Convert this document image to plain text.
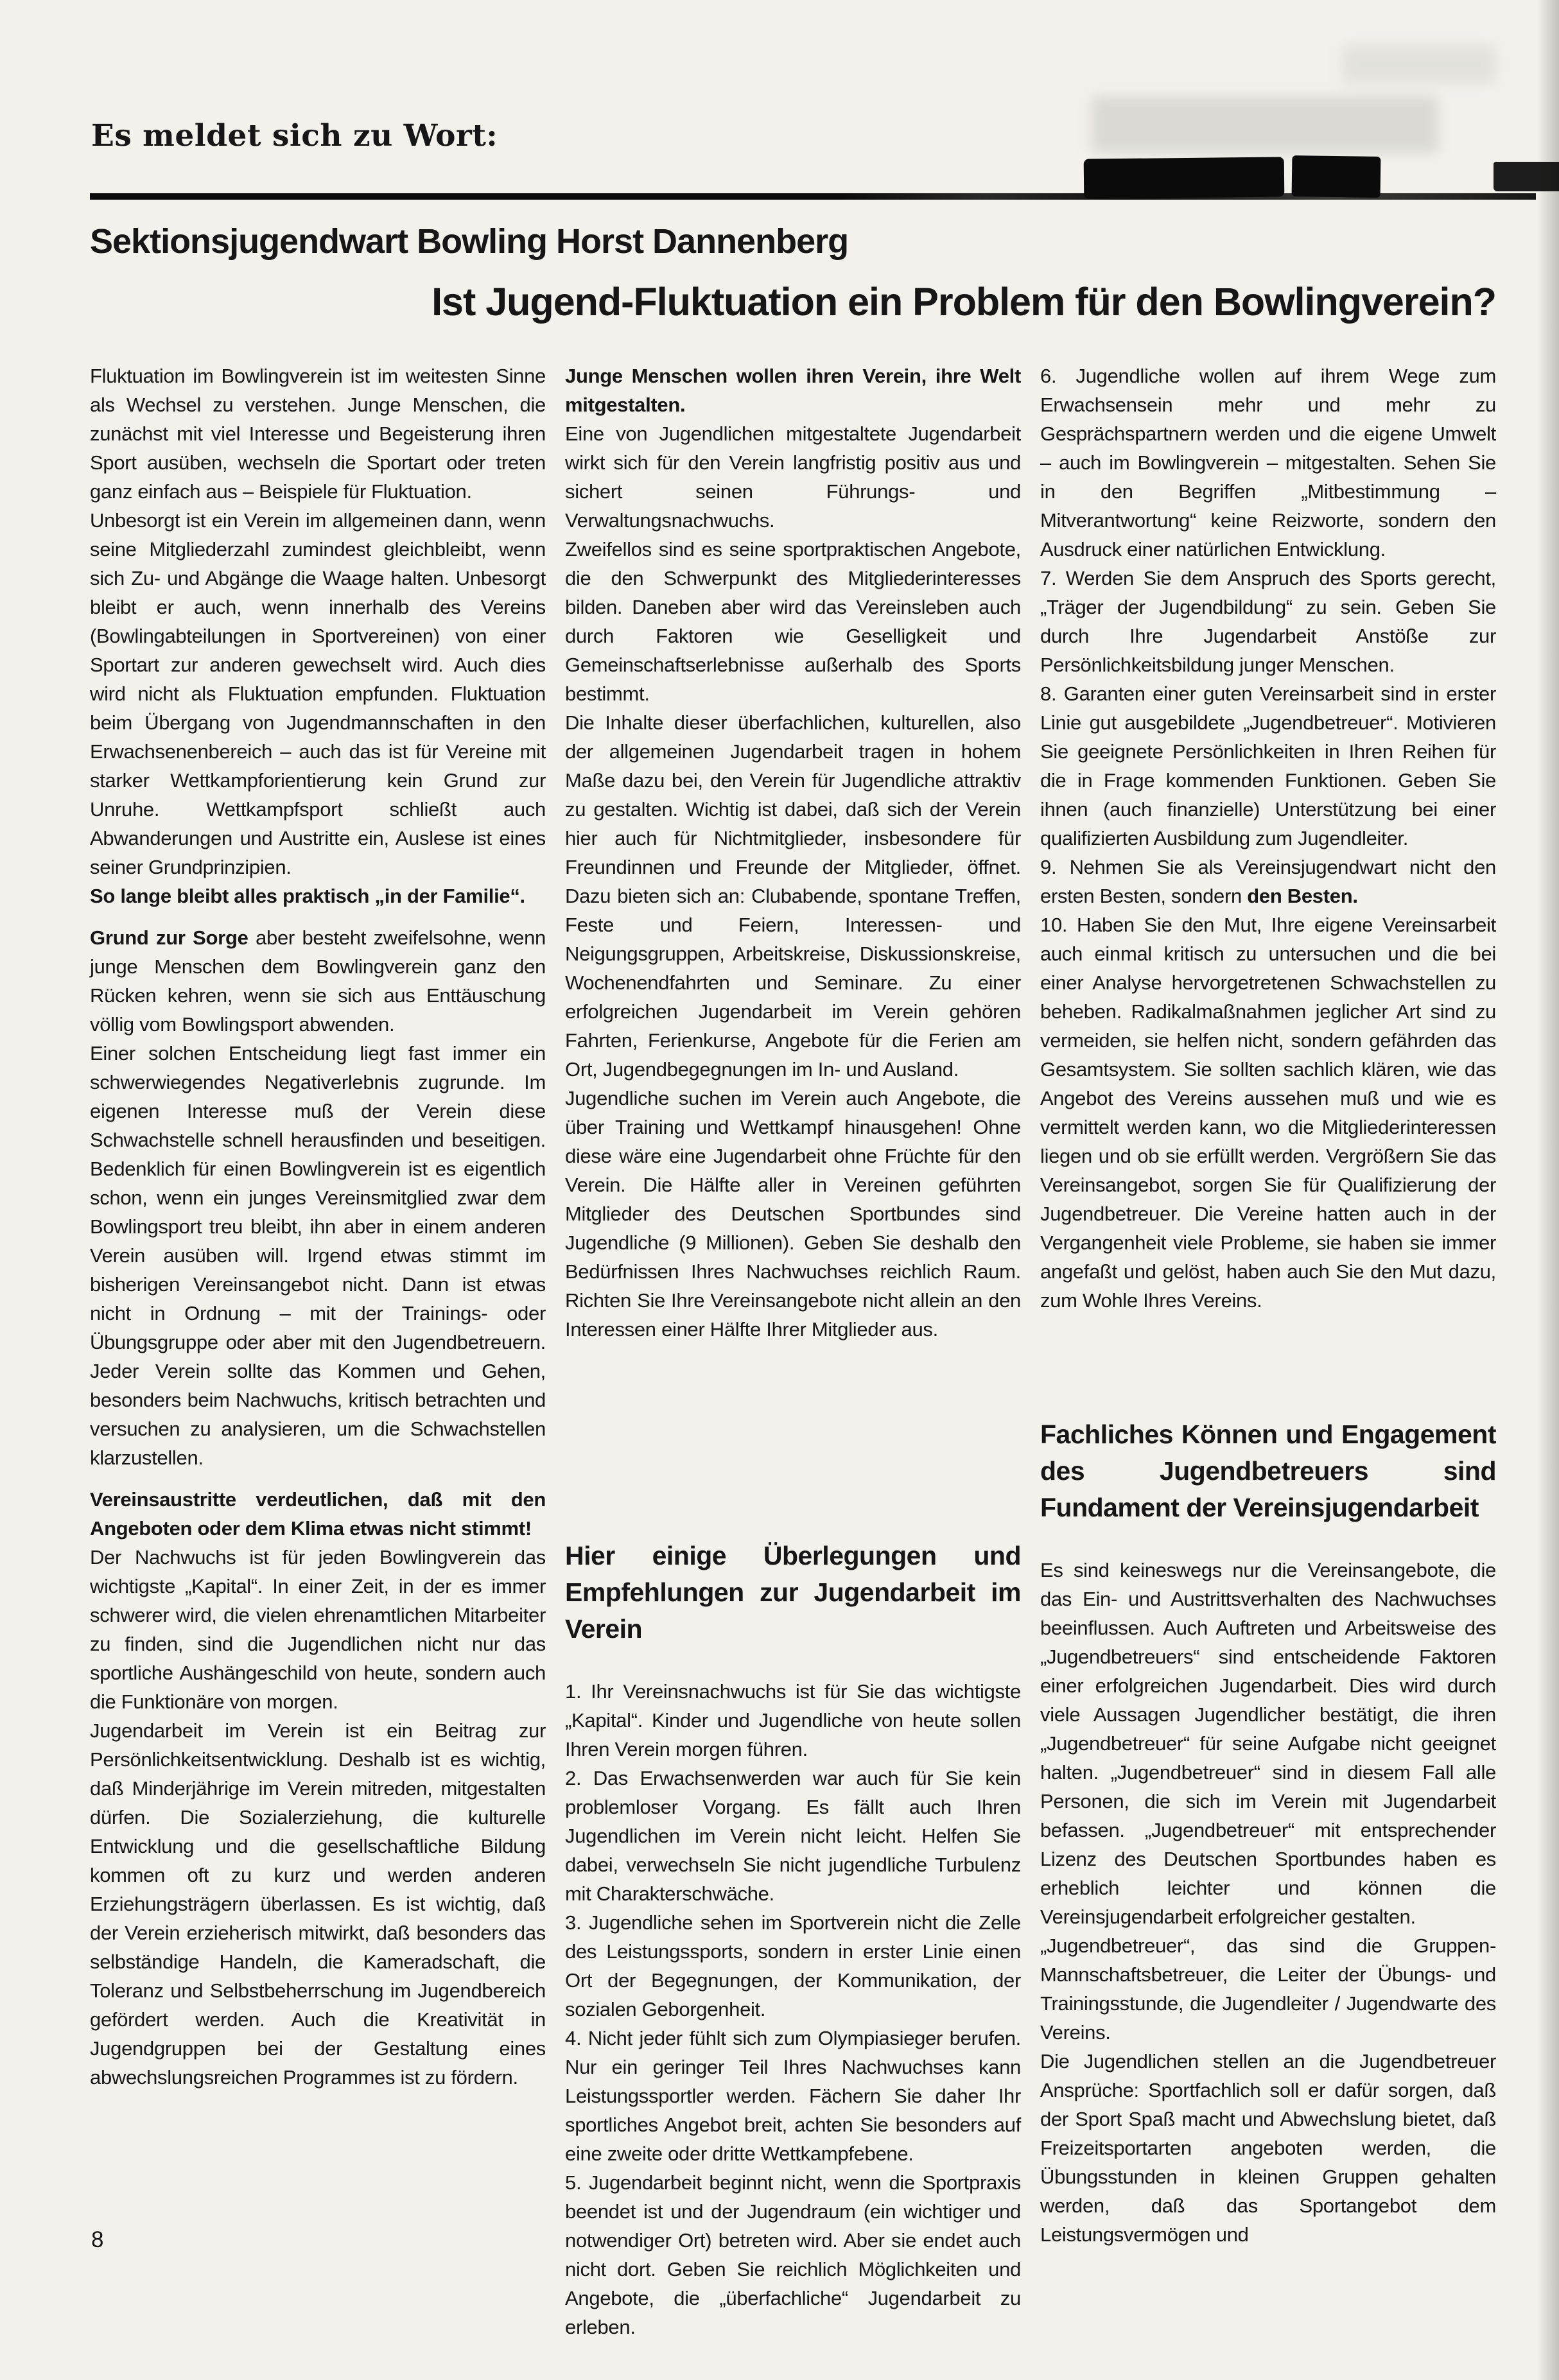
Es meldet sich zu Wort:
Sektionsjugendwart Bowling Horst Dannenberg
Ist Jugend-Fluktuation ein Problem für den Bowlingverein?

Fluktuation im Bowlingverein ist im weitesten Sinne als Wechsel zu verstehen. Junge Menschen, die zunächst mit viel Interesse und Begeisterung ihren Sport ausüben, wechseln die Sportart oder treten ganz einfach aus – Beispiele für Fluktuation.

Unbesorgt ist ein Verein im allgemeinen dann, wenn seine Mitgliederzahl zumindest gleichbleibt, wenn sich Zu- und Abgänge die Waage halten. Unbesorgt bleibt er auch, wenn innerhalb des Vereins (Bowlingabteilungen in Sportvereinen) von einer Sportart zur anderen gewechselt wird. Auch dies wird nicht als Fluktuation empfunden. Fluktuation beim Übergang von Jugendmannschaften in den Erwachsenenbereich – auch das ist für Vereine mit starker Wettkampforientierung kein Grund zur Unruhe. Wettkampfsport schließt auch Abwanderungen und Austritte ein, Auslese ist eines seiner Grundprinzipien.

So lange bleibt alles praktisch „in der Familie“.

Grund zur Sorge aber besteht zweifelsohne, wenn junge Menschen dem Bowlingverein ganz den Rücken kehren, wenn sie sich aus Enttäuschung völlig vom Bowlingsport abwenden.

Einer solchen Entscheidung liegt fast immer ein schwerwiegendes Negativerlebnis zugrunde. Im eigenen Interesse muß der Verein diese Schwachstelle schnell herausfinden und beseitigen. Bedenklich für einen Bowlingverein ist es eigentlich schon, wenn ein junges Vereinsmitglied zwar dem Bowlingsport treu bleibt, ihn aber in einem anderen Verein ausüben will. Irgend etwas stimmt im bisherigen Vereinsangebot nicht. Dann ist etwas nicht in Ordnung – mit der Trainings- oder Übungsgruppe oder aber mit den Jugendbetreuern. Jeder Verein sollte das Kommen und Gehen, besonders beim Nachwuchs, kritisch betrachten und versuchen zu analysieren, um die Schwachstellen klarzustellen.

Vereinsaustritte verdeutlichen, daß mit den Angeboten oder dem Klima etwas nicht stimmt!

Der Nachwuchs ist für jeden Bowlingverein das wichtigste „Kapital“. In einer Zeit, in der es immer schwerer wird, die vielen ehrenamtlichen Mitarbeiter zu finden, sind die Jugendlichen nicht nur das sportliche Aushängeschild von heute, sondern auch die Funktionäre von morgen.

Jugendarbeit im Verein ist ein Beitrag zur Persönlichkeitsentwicklung. Deshalb ist es wichtig, daß Minderjährige im Verein mitreden, mitgestalten dürfen. Die Sozialerziehung, die kulturelle Entwicklung und die gesellschaftliche Bildung kommen oft zu kurz und werden anderen Erziehungsträgern überlassen. Es ist wichtig, daß der Verein erzieherisch mitwirkt, daß besonders das selbständige Handeln, die Kameradschaft, die Toleranz und Selbstbeherrschung im Jugendbereich gefördert werden. Auch die Kreativität in Jugendgruppen bei der Gestaltung eines abwechslungsreichen Programmes ist zu fördern.

Junge Menschen wollen ihren Verein, ihre Welt mitgestalten.

Eine von Jugendlichen mitgestaltete Jugendarbeit wirkt sich für den Verein langfristig positiv aus und sichert seinen Führungs- und Verwaltungsnachwuchs.

Zweifellos sind es seine sportpraktischen Angebote, die den Schwerpunkt des Mitgliederinteresses bilden. Daneben aber wird das Vereinsleben auch durch Faktoren wie Geselligkeit und Gemeinschaftserlebnisse außerhalb des Sports bestimmt.

Die Inhalte dieser überfachlichen, kulturellen, also der allgemeinen Jugendarbeit tragen in hohem Maße dazu bei, den Verein für Jugendliche attraktiv zu gestalten. Wichtig ist dabei, daß sich der Verein hier auch für Nichtmitglieder, insbesondere für Freundinnen und Freunde der Mitglieder, öffnet. Dazu bieten sich an: Clubabende, spontane Treffen, Feste und Feiern, Interessen- und Neigungsgruppen, Arbeitskreise, Diskussionskreise, Wochenendfahrten und Seminare. Zu einer erfolgreichen Jugendarbeit im Verein gehören Fahrten, Ferienkurse, Angebote für die Ferien am Ort, Jugendbegegnungen im In- und Ausland.

Jugendliche suchen im Verein auch Angebote, die über Training und Wettkampf hinausgehen! Ohne diese wäre eine Jugendarbeit ohne Früchte für den Verein. Die Hälfte aller in Vereinen geführten Mitglieder des Deutschen Sportbundes sind Jugendliche (9 Millionen). Geben Sie deshalb den Bedürfnissen Ihres Nachwuchses reichlich Raum. Richten Sie Ihre Vereinsangebote nicht allein an den Interessen einer Hälfte Ihrer Mitglieder aus.

Hier einige Überlegungen und Empfehlungen zur Jugendarbeit im Verein

1. Ihr Vereinsnachwuchs ist für Sie das wichtigste „Kapital“. Kinder und Jugendliche von heute sollen Ihren Verein morgen führen.

2. Das Erwachsenwerden war auch für Sie kein problemloser Vorgang. Es fällt auch Ihren Jugendlichen im Verein nicht leicht. Helfen Sie dabei, verwechseln Sie nicht jugendliche Turbulenz mit Charakterschwäche.

3. Jugendliche sehen im Sportverein nicht die Zelle des Leistungssports, sondern in erster Linie einen Ort der Begegnungen, der Kommunikation, der sozialen Geborgenheit.

4. Nicht jeder fühlt sich zum Olympiasieger berufen. Nur ein geringer Teil Ihres Nachwuchses kann Leistungssportler werden. Fächern Sie daher Ihr sportliches Angebot breit, achten Sie besonders auf eine zweite oder dritte Wettkampfebene.

5. Jugendarbeit beginnt nicht, wenn die Sportpraxis beendet ist und der Jugendraum (ein wichtiger und notwendiger Ort) betreten wird. Aber sie endet auch nicht dort. Geben Sie reichlich Möglichkeiten und Angebote, die „überfachliche“ Jugendarbeit zu erleben.

6. Jugendliche wollen auf ihrem Wege zum Erwachsensein mehr und mehr zu Gesprächspartnern werden und die eigene Umwelt – auch im Bowlingverein – mitgestalten. Sehen Sie in den Begriffen „Mitbestimmung – Mitverantwortung“ keine Reizworte, sondern den Ausdruck einer natürlichen Entwicklung.

7. Werden Sie dem Anspruch des Sports gerecht, „Träger der Jugendbildung“ zu sein. Geben Sie durch Ihre Jugendarbeit Anstöße zur Persönlichkeitsbildung junger Menschen.

8. Garanten einer guten Vereinsarbeit sind in erster Linie gut ausgebildete „Jugendbetreuer“. Motivieren Sie geeignete Persönlichkeiten in Ihren Reihen für die in Frage kommenden Funktionen. Geben Sie ihnen (auch finanzielle) Unterstützung bei einer qualifizierten Ausbildung zum Jugendleiter.

9. Nehmen Sie als Vereinsjugendwart nicht den ersten Besten, sondern den Besten.

10. Haben Sie den Mut, Ihre eigene Vereinsarbeit auch einmal kritisch zu untersuchen und die bei einer Analyse hervorgetretenen Schwachstellen zu beheben. Radikalmaßnahmen jeglicher Art sind zu vermeiden, sie helfen nicht, sondern gefährden das Gesamtsystem. Sie sollten sachlich klären, wie das Angebot des Vereins aussehen muß und wie es vermittelt werden kann, wo die Mitgliederinteressen liegen und ob sie erfüllt werden. Vergrößern Sie das Vereinsangebot, sorgen Sie für Qualifizierung der Jugendbetreuer. Die Vereine hatten auch in der Vergangenheit viele Probleme, sie haben sie immer angefaßt und gelöst, haben auch Sie den Mut dazu, zum Wohle Ihres Vereins.

Fachliches Können und Engagement des Jugendbetreuers sind Fundament der Vereinsjugendarbeit

Es sind keineswegs nur die Vereinsangebote, die das Ein- und Austrittsverhalten des Nachwuchses beeinflussen. Auch Auftreten und Arbeitsweise des „Jugendbetreuers“ sind entscheidende Faktoren einer erfolgreichen Jugendarbeit. Dies wird durch viele Aussagen Jugendlicher bestätigt, die ihren „Jugendbetreuer“ für seine Aufgabe nicht geeignet halten. „Jugendbetreuer“ sind in diesem Fall alle Personen, die sich im Verein mit Jugendarbeit befassen. „Jugendbetreuer“ mit entsprechender Lizenz des Deutschen Sportbundes haben es erheblich leichter und können die Vereinsjugendarbeit erfolgreicher gestalten.

„Jugendbetreuer“, das sind die Gruppen- Mannschaftsbetreuer, die Leiter der Übungs- und Trainingsstunde, die Jugendleiter / Jugendwarte des Vereins.

Die Jugendlichen stellen an die Jugendbetreuer Ansprüche: Sportfachlich soll er dafür sorgen, daß der Sport Spaß macht und Abwechslung bietet, daß Freizeitsportarten angeboten werden, die Übungsstunden in kleinen Gruppen gehalten werden, daß das Sportangebot dem Leistungsvermögen und

8
